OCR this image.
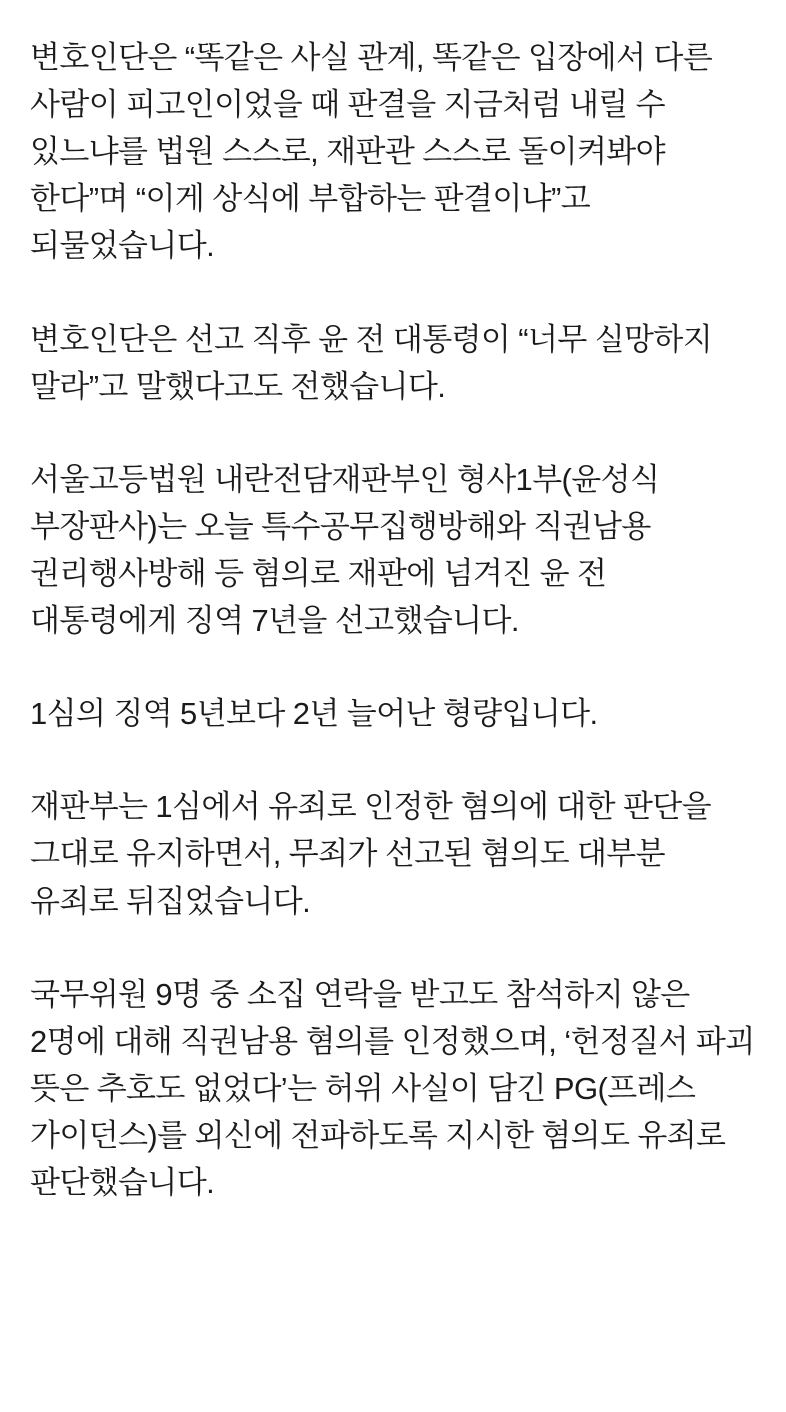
변호인단은 “똑같은 사실 관계, 똑같은 입장에서 다른 사람이 피고인이었을 때 판결을 지금처럼 내릴 수 있느냐를 법원 스스로, 재판관 스스로 돌이켜봐야 한다”며 “이게 상식에 부합하는 판결이냐”고 되물었습니다.

변호인단은 선고 직후 윤 전 대통령이 “너무 실망하지 말라”고 말했다고도 전했습니다.

서울고등법원 내란전담재판부인 형사1부(윤성식 부장판사)는 오늘 특수공무집행방해와 직권남용 권리행사방해 등 혐의로 재판에 넘겨진 윤 전 대통령에게 징역 7년을 선고했습니다.

1심의 징역 5년보다 2년 늘어난 형량입니다.

재판부는 1심에서 유죄로 인정한 혐의에 대한 판단을 그대로 유지하면서, 무죄가 선고된 혐의도 대부분 유죄로 뒤집었습니다.

국무위원 9명 중 소집 연락을 받고도 참석하지 않은 2명에 대해 직권남용 혐의를 인정했으며, ‘헌정질서 파괴 뜻은 추호도 없었다’는 허위 사실이 담긴 PG(프레스 가이던스)를 외신에 전파하도록 지시한 혐의도 유죄로 판단했습니다.
